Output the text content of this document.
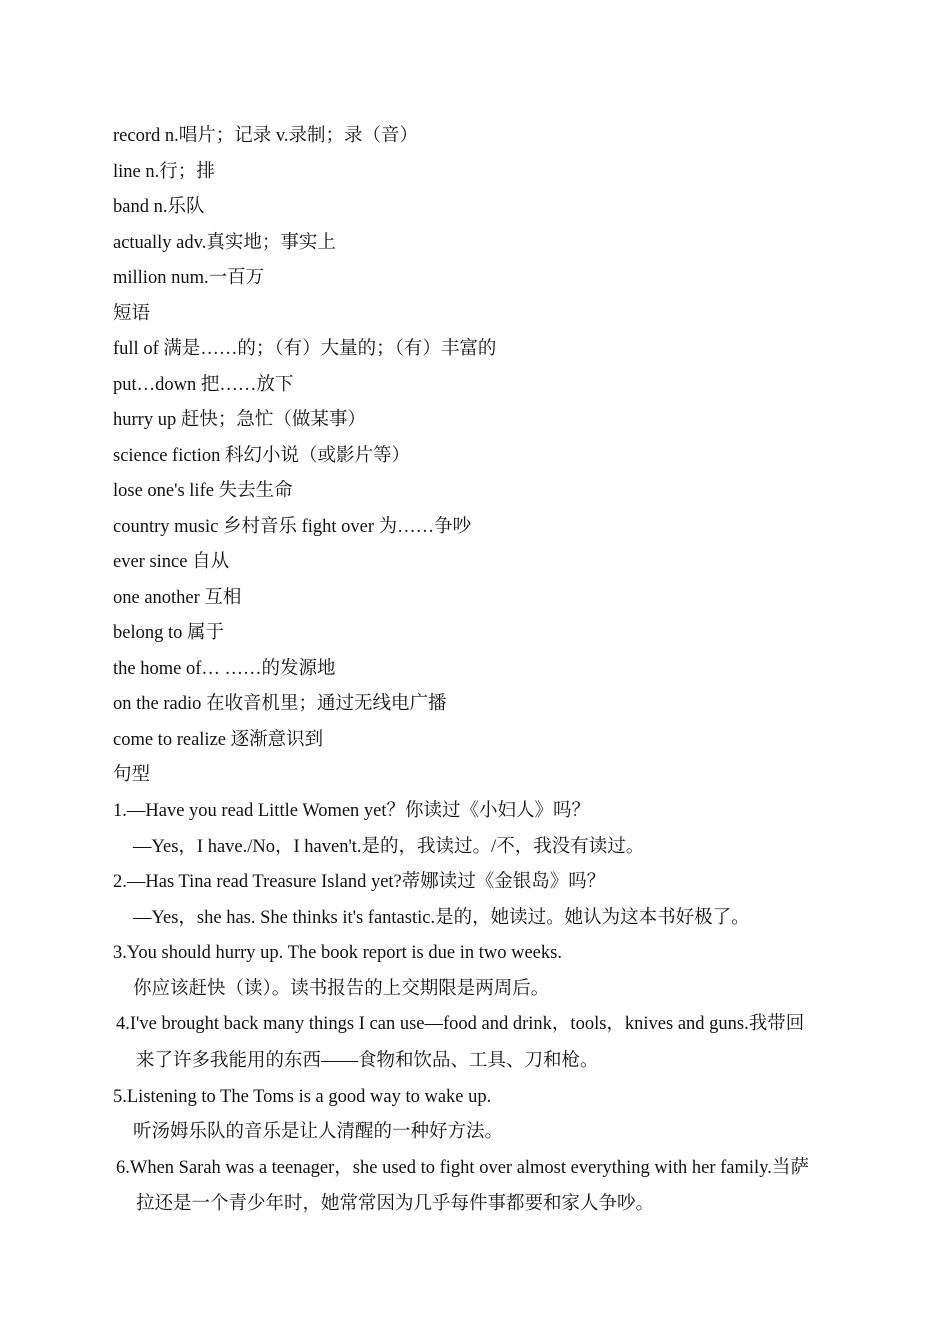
record n.唱片；记录 v.录制；录（音）
line n.行；排
band n.乐队
actually adv.真实地；事实上
million num.一百万
短语
full of 满是……的；（有）大量的；（有）丰富的
put…down 把……放下
hurry up 赶快；急忙（做某事）
science fiction 科幻小说（或影片等）
lose one's life 失去生命
country music 乡村音乐 fight over 为……争吵
ever since 自从
one another 互相
belong to 属于
the home of… ……的发源地
on the radio 在收音机里；通过无线电广播
come to realize 逐渐意识到
句型
1.—Have you read Little Women yet？你读过《小妇人》吗？
—Yes，I have./No，I haven't.是的，我读过。/不，我没有读过。
2.—Has Tina read Treasure Island yet?蒂娜读过《金银岛》吗？
—Yes，she has. She thinks it's fantastic.是的，她读过。她认为这本书好极了。
3.You should hurry up. The book report is due in two weeks.
你应该赶快（读）。读书报告的上交期限是两周后。
4.I've brought back many things I can use—food and drink，tools，knives and guns.我带回
来了许多我能用的东西——食物和饮品、工具、刀和枪。
5.Listening to The Toms is a good way to wake up.
听汤姆乐队的音乐是让人清醒的一种好方法。
6.When Sarah was a teenager，she used to fight over almost everything with her family.当萨
拉还是一个青少年时，她常常因为几乎每件事都要和家人争吵。
